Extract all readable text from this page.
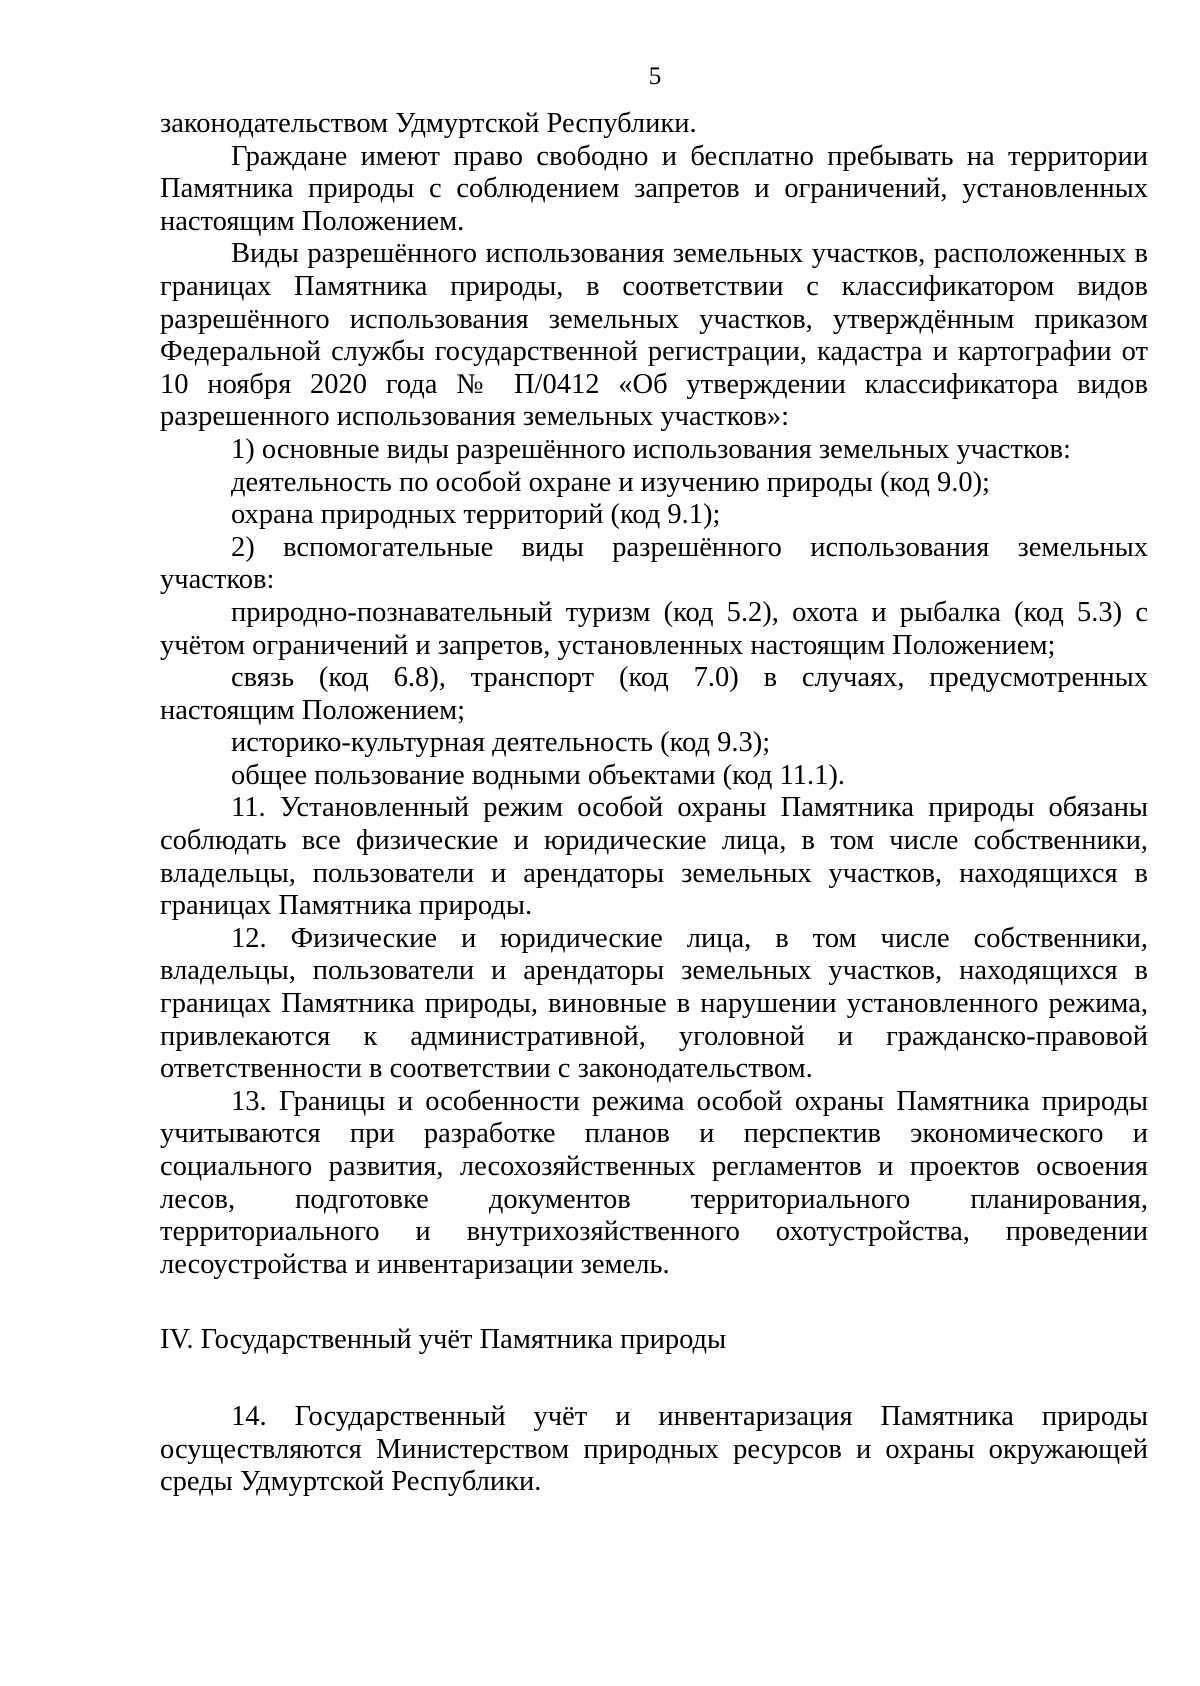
5

законодательством Удмуртской Республики.

Граждане имеют право свободно и бесплатно пребывать на территории Памятника природы с соблюдением запретов и ограничений, установленных настоящим Положением.

Виды разрешённого использования земельных участков, расположенных в границах Памятника природы, в соответствии с классификатором видов разрешённого использования земельных участков, утверждённым приказом Федеральной службы государственной регистрации, кадастра и картографии от 10 ноября 2020 года № П/0412 «Об утверждении классификатора видов разрешенного использования земельных участков»:

1) основные виды разрешённого использования земельных участков:

деятельность по особой охране и изучению природы (код 9.0);

охрана природных территорий (код 9.1);

2) вспомогательные виды разрешённого использования земельных участков:

природно-познавательный туризм (код 5.2), охота и рыбалка (код 5.3) с учётом ограничений и запретов, установленных настоящим Положением;

связь (код 6.8), транспорт (код 7.0) в случаях, предусмотренных настоящим Положением;

историко-культурная деятельность (код 9.3);

общее пользование водными объектами (код 11.1).

11. Установленный режим особой охраны Памятника природы обязаны соблюдать все физические и юридические лица, в том числе собственники, владельцы, пользователи и арендаторы земельных участков, находящихся в границах Памятника природы.

12. Физические и юридические лица, в том числе собственники, владельцы, пользователи и арендаторы земельных участков, находящихся в границах Памятника природы, виновные в нарушении установленного режима, привлекаются к административной, уголовной и гражданско-правовой ответственности в соответствии с законодательством.

13. Границы и особенности режима особой охраны Памятника природы учитываются при разработке планов и перспектив экономического и социального развития, лесохозяйственных регламентов и проектов освоения лесов, подготовке документов территориального планирования, территориального и внутрихозяйственного охотустройства, проведении лесоустройства и инвентаризации земель.

IV. Государственный учёт Памятника природы

14. Государственный учёт и инвентаризация Памятника природы осуществляются Министерством природных ресурсов и охраны окружающей среды Удмуртской Республики.
